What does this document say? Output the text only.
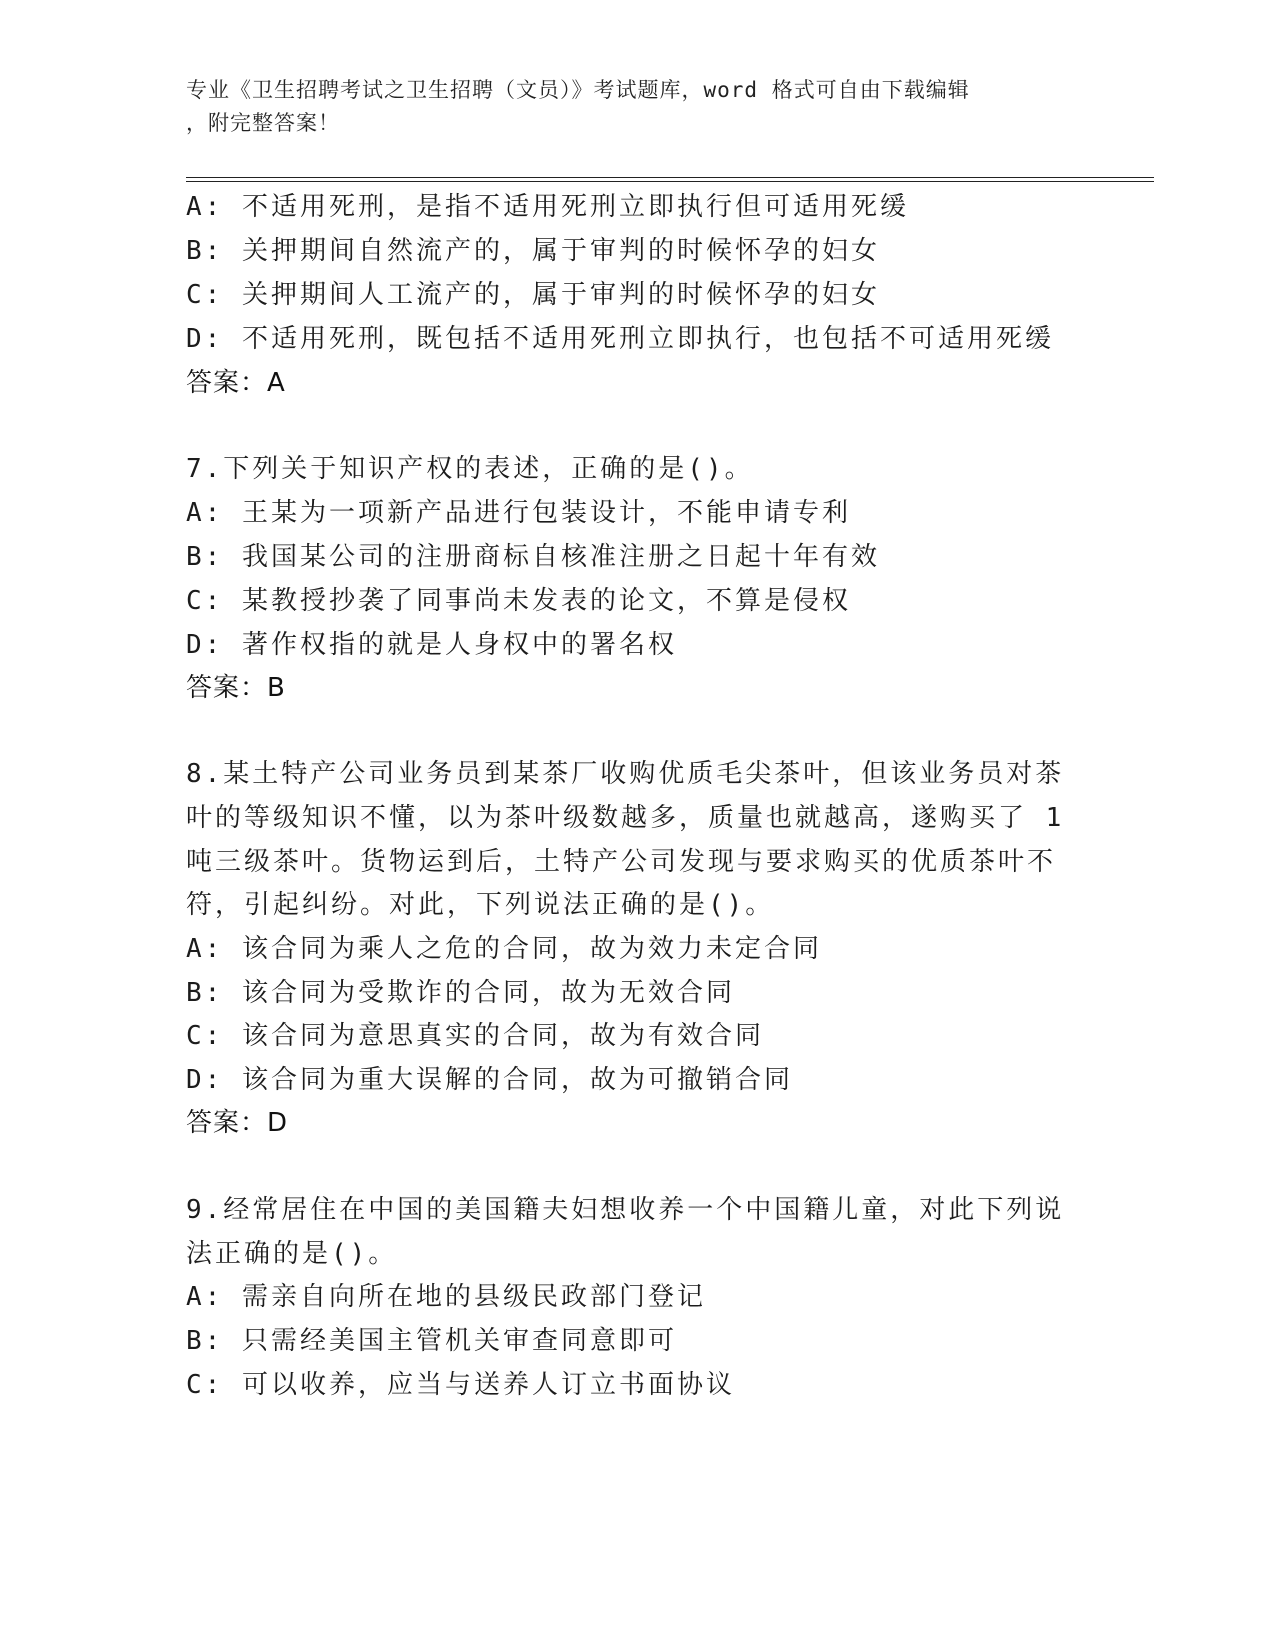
专业《卫生招聘考试之卫生招聘（文员）》考试题库，word 格式可自由下载编辑
，附完整答案！
A: 不适用死刑，是指不适用死刑立即执行但可适用死缓
B: 关押期间自然流产的，属于审判的时候怀孕的妇女
C: 关押期间人工流产的，属于审判的时候怀孕的妇女
D: 不适用死刑，既包括不适用死刑立即执行，也包括不可适用死缓
答案：A
7.下列关于知识产权的表述，正确的是()。
A: 王某为一项新产品进行包装设计，不能申请专利
B: 我国某公司的注册商标自核准注册之日起十年有效
C: 某教授抄袭了同事尚未发表的论文，不算是侵权
D: 著作权指的就是人身权中的署名权
答案：B
8.某土特产公司业务员到某茶厂收购优质毛尖茶叶，但该业务员对茶
叶的等级知识不懂，以为茶叶级数越多，质量也就越高，遂购买了 1
吨三级茶叶。货物运到后，土特产公司发现与要求购买的优质茶叶不
符，引起纠纷。对此，下列说法正确的是()。
A: 该合同为乘人之危的合同，故为效力未定合同
B: 该合同为受欺诈的合同，故为无效合同
C: 该合同为意思真实的合同，故为有效合同
D: 该合同为重大误解的合同，故为可撤销合同
答案：D
9.经常居住在中国的美国籍夫妇想收养一个中国籍儿童，对此下列说
法正确的是()。
A: 需亲自向所在地的县级民政部门登记
B: 只需经美国主管机关审查同意即可
C: 可以收养，应当与送养人订立书面协议
